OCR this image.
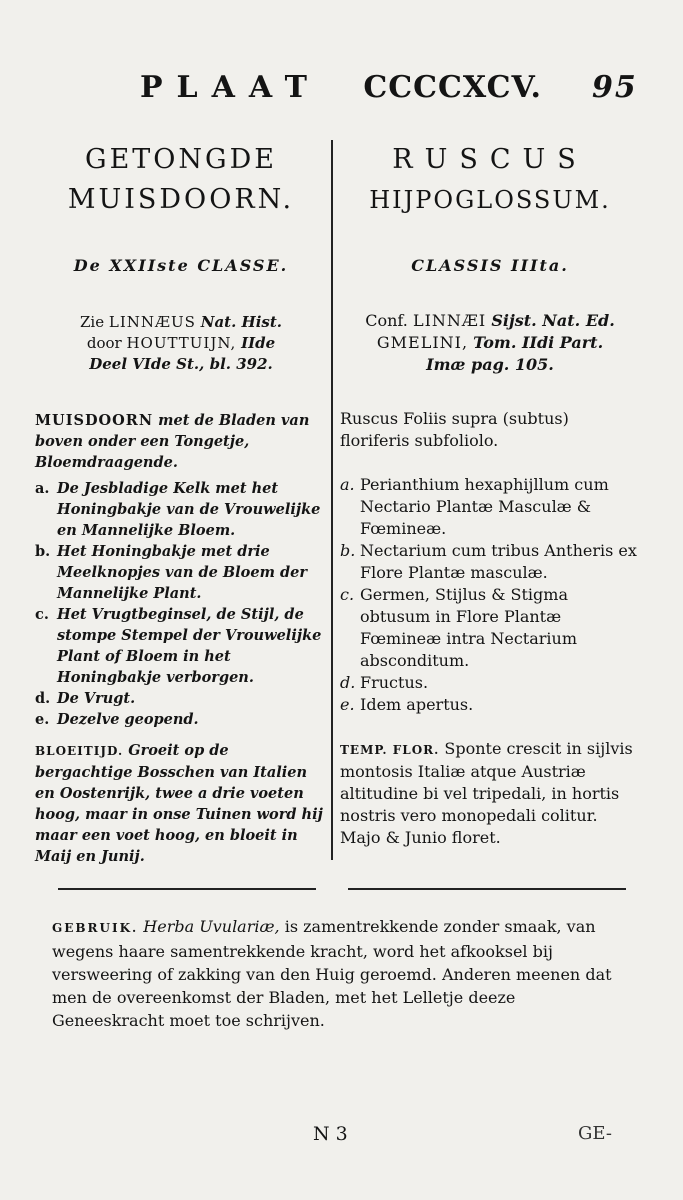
PLAAT CCCCXCV. 95
GETONGDE
MUISDOORN.
De XXIIste CLASSE.
Zie LINNÆUS Nat. Hist.
door HOUTTUIJN, IIde
Deel VIde St., bl. 392.
MUISDOORN met de Bladen van boven onder een Tongetje, Bloemdraagende.
a. De Jesbladige Kelk met het Honingbakje van de Vrouwelijke en Mannelijke Bloem.
b. Het Honingbakje met drie Meelknopjes van de Bloem der Mannelijke Plant.
c. Het Vrugtbeginsel, de Stijl, de stompe Stempel der Vrouwelijke Plant of Bloem in het Honingbakje verborgen.
d. De Vrugt.
e. Dezelve geopend.
BLOEITIJD. Groeit op de bergachtige Bosschen van Italien en Oostenrijk, twee a drie voeten hoog, maar in onse Tuinen word hij maar een voet hoog, en bloeit in Maij en Junij.
RUSCUS
HIJPOGLOSSUM.
CLASSIS IIIta.
Conf. LINNÆI Sijst. Nat. Ed.
GMELINI, Tom. IIdi Part.
Imæ pag. 105.
Ruscus Foliis supra (subtus) floriferis subfoliolo.
a. Perianthium hexaphijllum cum Nectario Plantæ Masculæ & Fœmineæ.
b. Nectarium cum tribus Antheris ex Flore Plantæ masculæ.
c. Germen, Stijlus & Stigma obtusum in Flore Plantæ Fœmineæ intra Nectarium absconditum.
d. Fructus.
e. Idem apertus.
TEMP. FLOR. Sponte crescit in sijlvis montosis Italiæ atque Austriæ altitudine bi vel tripedali, in hortis nostris vero monopedali colitur. Majo & Junio floret.
GEBRUIK. Herba Uvulariæ, is zamentrekkende zonder smaak, van wegens haare samentrekkende kracht, word het afkooksel bij versweering of zakking van den Huig geroemd. Anderen meenen dat men de overeenkomst der Bladen, met het Lelletje deeze Geneeskracht moet toe schrijven.
N 3	GE-
